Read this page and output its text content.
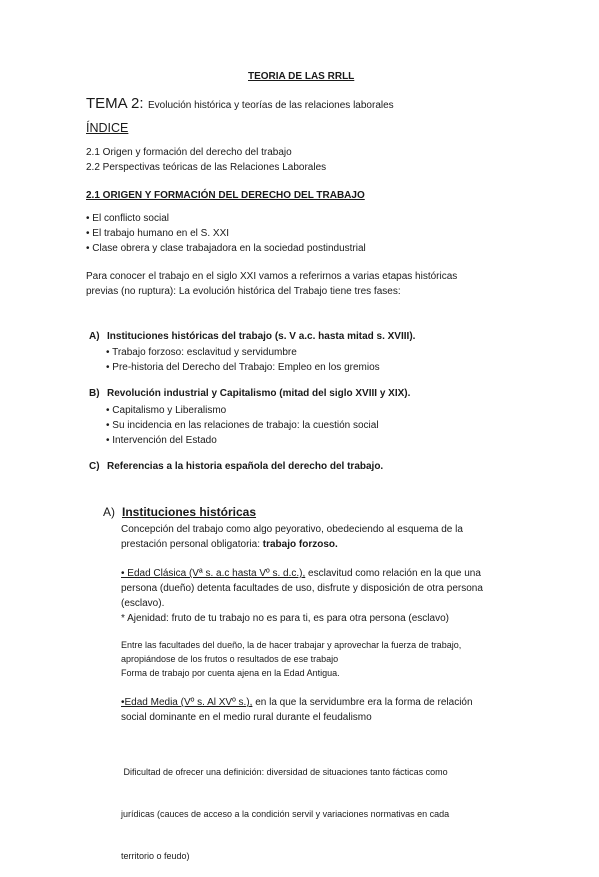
TEORIA DE LAS RRLL
TEMA 2: Evolución histórica y teorías de las relaciones laborales
ÍNDICE
2.1 Origen y formación del derecho del trabajo
2.2 Perspectivas teóricas de las Relaciones Laborales
2.1 ORIGEN Y FORMACIÓN DEL DERECHO DEL TRABAJO
• El conflicto social
• El trabajo humano en el S. XXI
• Clase obrera y clase trabajadora en la sociedad postindustrial
Para conocer el trabajo en el siglo XXI vamos a referirnos a varias etapas históricas
previas (no ruptura): La evolución histórica del Trabajo tiene tres fases:
A) Instituciones históricas del trabajo (s. V a.c. hasta mitad s. XVIII).
• Trabajo forzoso: esclavitud y servidumbre
• Pre-historia del Derecho del Trabajo: Empleo en los gremios
B) Revolución industrial y Capitalismo (mitad del siglo XVIII y XIX).
• Capitalismo y Liberalismo
• Su incidencia en las relaciones de trabajo: la cuestión social
• Intervención del Estado
C) Referencias a la historia española del derecho del trabajo.
A) Instituciones históricas
Concepción del trabajo como algo peyorativo, obedeciendo al esquema de la
prestación personal obligatoria: trabajo forzoso.
• Edad Clásica (Vª s. a.c hasta Vº s. d.c.), esclavitud como relación en la que una
persona (dueño) detenta facultades de uso, disfrute y disposición de otra persona
(esclavo).
* Ajenidad: fruto de tu trabajo no es para ti, es para otra persona (esclavo)
Entre las facultades del dueño, la de hacer trabajar y aprovechar la fuerza de trabajo,
apropiándose de los frutos o resultados de ese trabajo
Forma de trabajo por cuenta ajena en la Edad Antigua.
•Edad Media (Vº s. Al XVº s.), en la que la servidumbre era la forma de relación
social dominante en el medio rural durante el feudalismo

Dificultad de ofrecer una definición: diversidad de situaciones tanto fácticas como

jurídicas (cauces de acceso a la condición servil y variaciones normativas en cada

territorio o feudo)
